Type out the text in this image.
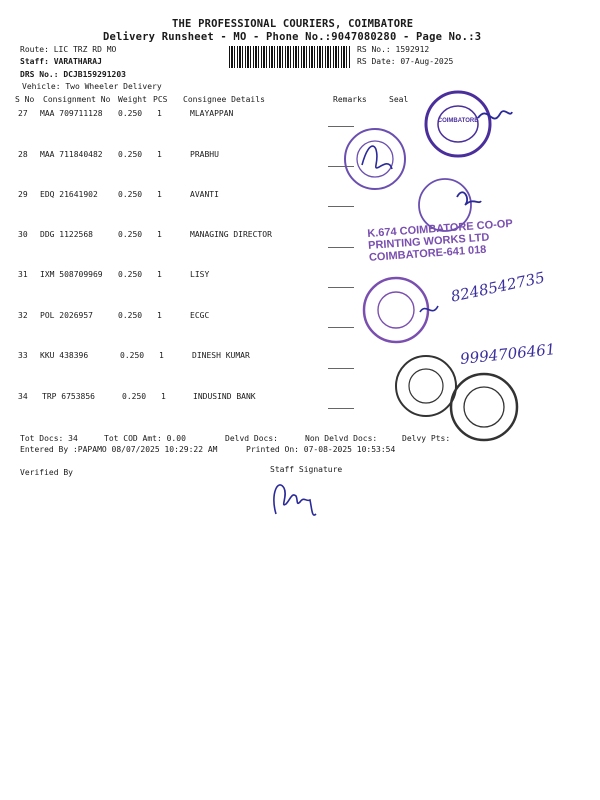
THE PROFESSIONAL COURIERS, COIMBATORE
Delivery Runsheet - MO - Phone No.:9047080280 - Page No.:3
Route: LIC TRZ RD MO
Staff: VARATHARAJ
DRS No.: DCJB159291203
Vehicle: Two Wheeler Delivery
RS No.: 1592912
RS Date: 07-Aug-2025
S No Consignment No Weight PCS Consignee Details	Remarks	Seal
27 MAA 709711128 0.250 1	MLAYAPPAN
28 MAA 711840482 0.250 1	PRABHU
29 EDQ 21641902	0.250 1	AVANTI
30 DDG 1122568	0.250 1	MANAGING DIRECTOR
31 IXM 508709969 0.250 1	LISY
32 POL 2026957	0.250 1	ECGC
33 KKU 438396	0.250 1	DINESH KUMAR
34 TRP 6753856	0.250 1	INDUSIND BANK
Tot Docs: 34	Tot COD Amt: 0.00	Delvd Docs:	Non Delvd Docs:	Delvy Pts:
Entered By :PAPAMO 08/07/2025 10:29:22 AM	Printed On: 07-08-2025 10:53:54
Verified By	Staff Signature
8248542735
9994706461
COIMBATORE
K.674 COIMBATORE CO-OP PRINTING WORKS LTD COIMBATORE-641 018
